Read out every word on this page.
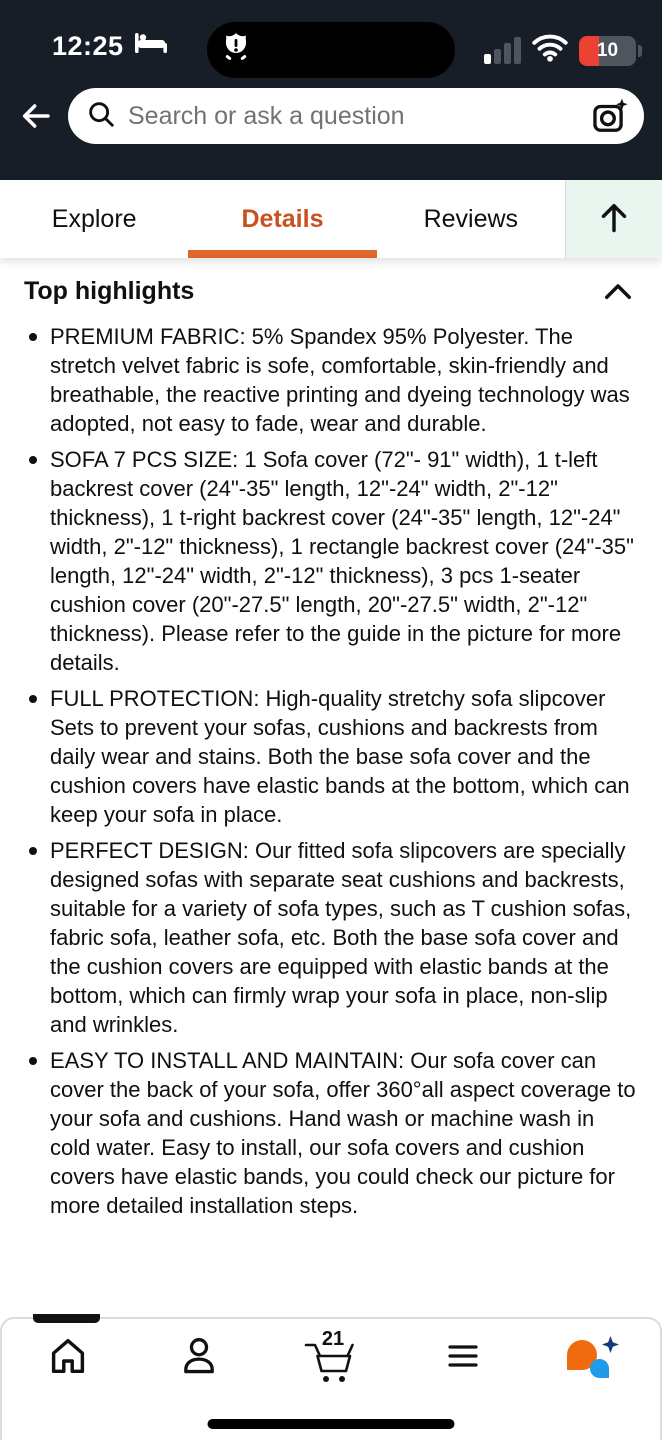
12:25	10
Search or ask a question
Explore	Details	Reviews
Top highlights
PREMIUM FABRIC: 5% Spandex 95% Polyester. The stretch velvet fabric is sofe, comfortable, skin-friendly and breathable, the reactive printing and dyeing technology was adopted, not easy to fade, wear and durable.
SOFA 7 PCS SIZE: 1 Sofa cover (72"- 91" width), 1 t-left backrest cover (24"-35" length, 12"-24" width, 2"-12" thickness), 1 t-right backrest cover (24"-35" length, 12"-24" width, 2"-12" thickness), 1 rectangle backrest cover (24"-35" length, 12"-24" width, 2"-12" thickness), 3 pcs 1-seater cushion cover (20"-27.5" length, 20"-27.5" width, 2"-12" thickness). Please refer to the guide in the picture for more details.
FULL PROTECTION: High-quality stretchy sofa slipcover Sets to prevent your sofas, cushions and backrests from daily wear and stains. Both the base sofa cover and the cushion covers have elastic bands at the bottom, which can keep your sofa in place.
PERFECT DESIGN: Our fitted sofa slipcovers are specially designed sofas with separate seat cushions and backrests, suitable for a variety of sofa types, such as T cushion sofas, fabric sofa, leather sofa, etc. Both the base sofa cover and the cushion covers are equipped with elastic bands at the bottom, which can firmly wrap your sofa in place, non-slip and wrinkles.
EASY TO INSTALL AND MAINTAIN: Our sofa cover can cover the back of your sofa, offer 360°all aspect coverage to your sofa and cushions. Hand wash or machine wash in cold water. Easy to install, our sofa covers and cushion covers have elastic bands, you could check our picture for more detailed installation steps.
21
